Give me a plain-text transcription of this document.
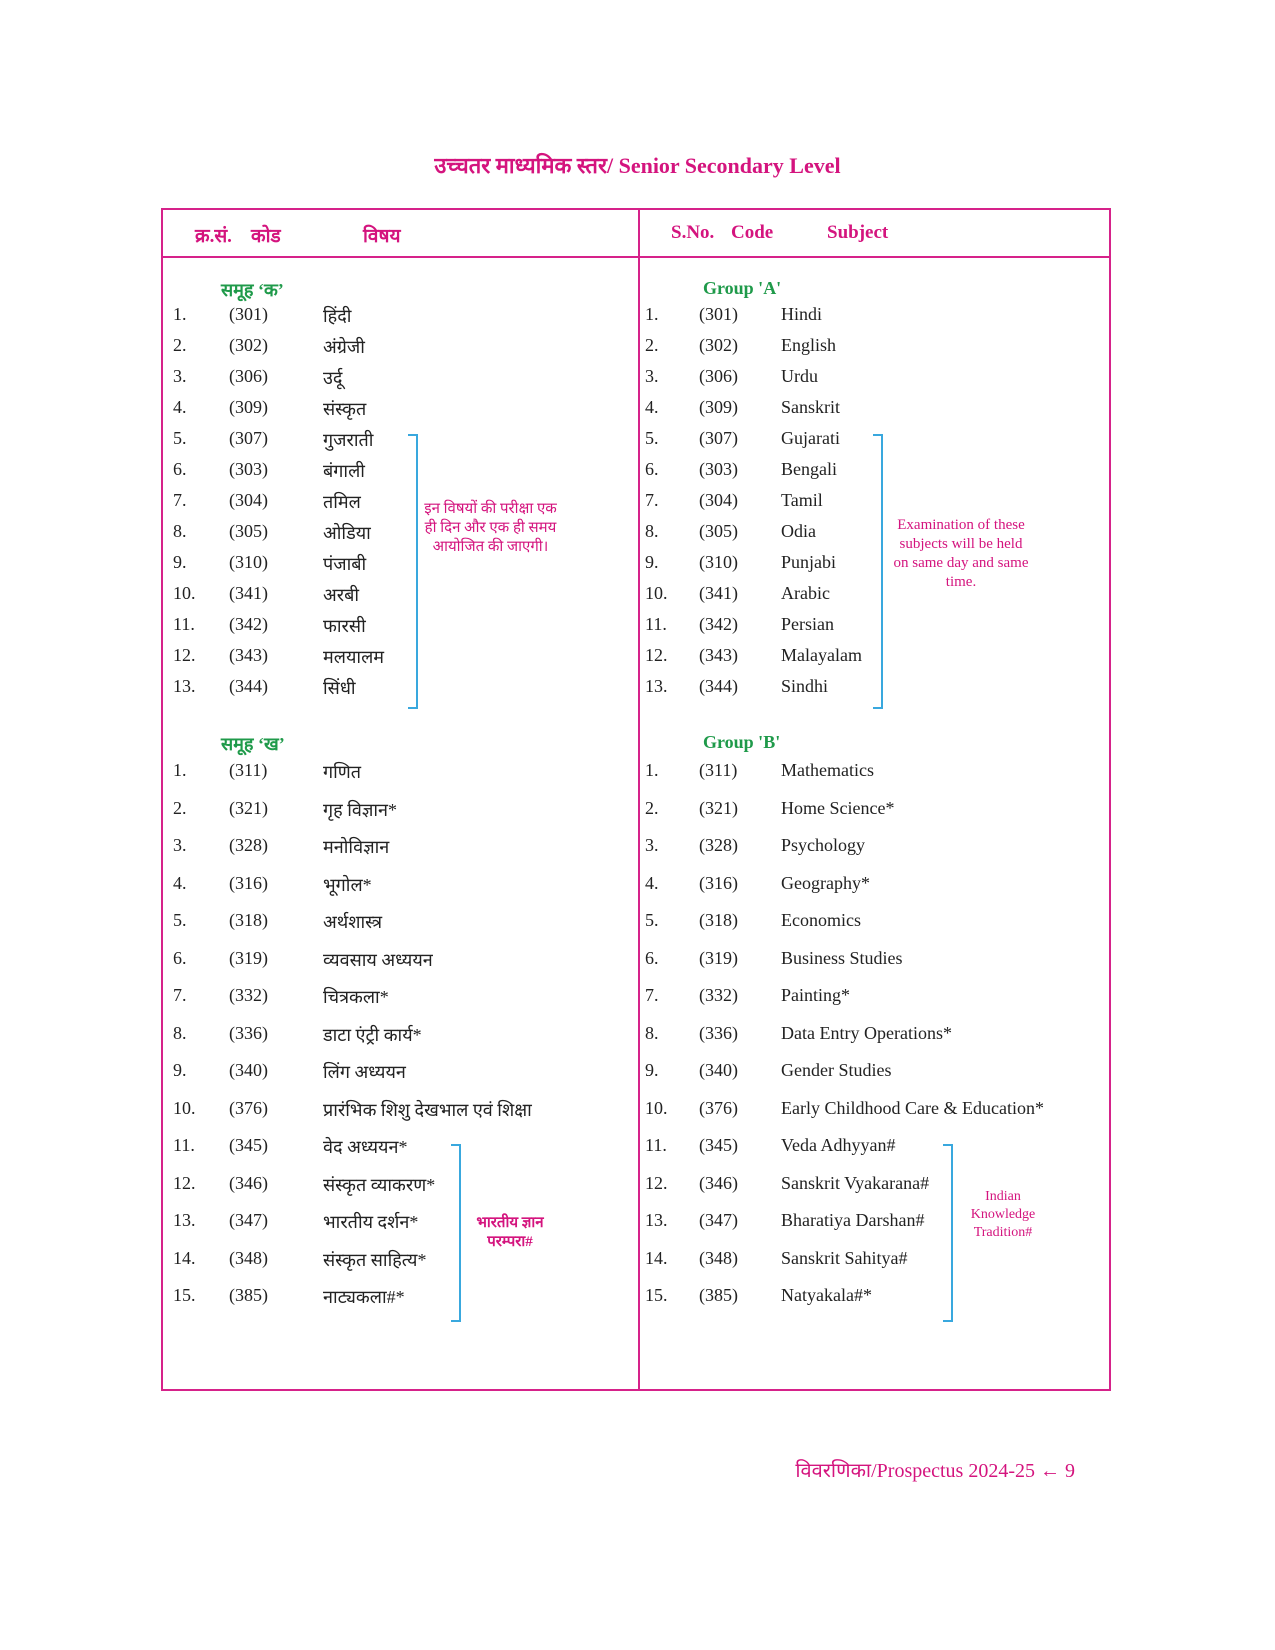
उच्चतर माध्यमिक स्तर/ Senior Secondary Level
क्र.सं. कोड	विषय	S.No. Code	Subject
समूह ‘क’	Group 'A'
समूह ‘ख’	Group 'B'
1. (301)	हिंदी	1. (301) Hindi
2. (302)	अंग्रेजी	2. (302) English
3. (306)	उर्दू	3. (306) Urdu
4. (309)	संस्कृत	4. (309) Sanskrit
5. (307)	गुजराती	5. (307) Gujarati
6. (303)	बंगाली	6. (303) Bengali
7. (304)	तमिल	7. (304) Tamil
8. (305)	ओडिया	8. (305) Odia
9. (310)	पंजाबी	9. (310) Punjabi
10. (341)	अरबी	10. (341) Arabic
11. (342)	फारसी	11. (342) Persian
12. (343)	मलयालम	12. (343) Malayalam
13. (344)	सिंधी	13. (344) Sindhi
1. (311)	गणित	1. (311) Mathematics
2. (321)	गृह विज्ञान*	2. (321) Home Science*
3. (328)	मनोविज्ञान	3. (328) Psychology
4. (316)	भूगोल*	4. (316) Geography*
5. (318)	अर्थशास्त्र	5. (318) Economics
6. (319)	व्यवसाय अध्ययन	6. (319) Business Studies
7. (332)	चित्रकला*	7. (332) Painting*
8. (336)	डाटा एंट्री कार्य*	8. (336) Data Entry Operations*
9. (340)	लिंग अध्ययन	9. (340) Gender Studies
10. (376)	प्रारंभिक शिशु देखभाल एवं शिक्षा	10. (376) Early Childhood Care & Education*
11. (345)	वेद अध्ययन*	11. (345) Veda Adhyyan#
12. (346)	संस्कृत व्याकरण*	12. (346) Sanskrit Vyakarana#
13. (347)	भारतीय दर्शन*	13. (347) Bharatiya Darshan#
14. (348)	संस्कृत साहित्य*	14. (348) Sanskrit Sahitya#
15. (385)	नाट्यकला#*	15. (385) Natyakala#*
इन विषयों की परीक्षा एक ही दिन और एक ही समय आयोजित की जाएगी।
Examination of these subjects will be held on same day and same time.
भारतीय ज्ञान परम्परा#
Indian Knowledge Tradition#
विवरणिका/Prospectus 2024-25 ← 9
